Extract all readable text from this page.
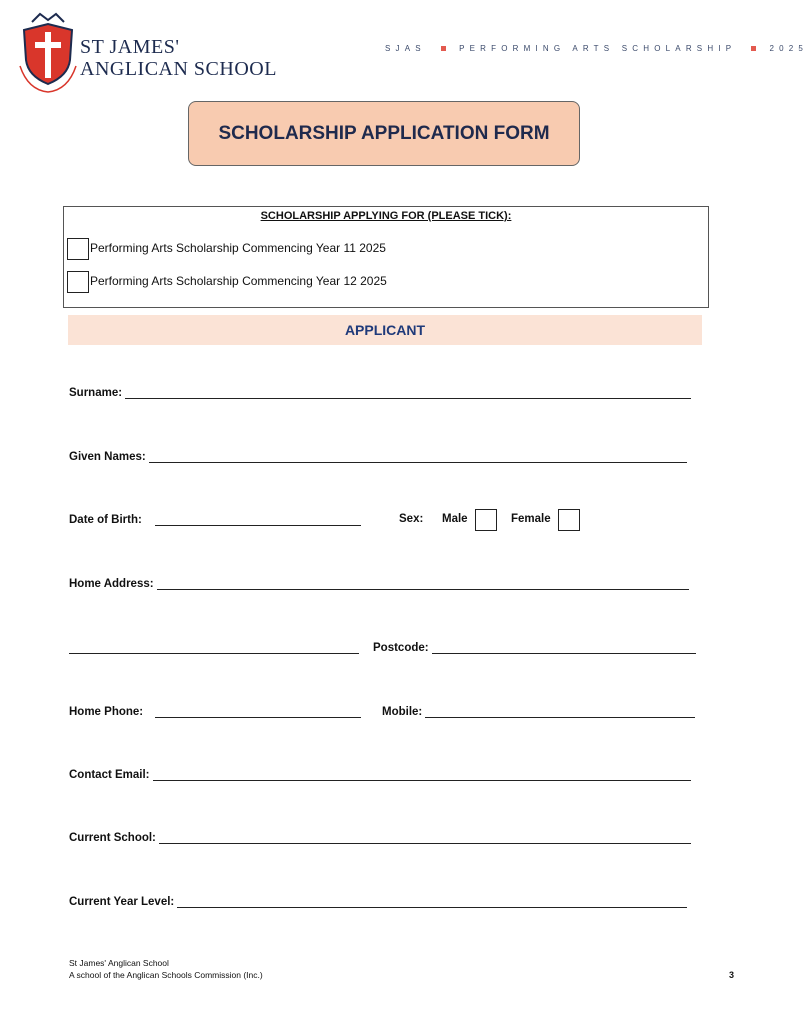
ST JAMES'
ANGLICAN SCHOOL
SJAS	PERFORMING ARTS SCHOLARSHIP	2025
SCHOLARSHIP APPLICATION FORM
SCHOLARSHIP APPLYING FOR (PLEASE TICK):
Performing Arts Scholarship Commencing Year 11 2025
Performing Arts Scholarship Commencing Year 12 2025
APPLICANT
Surname:
Given Names:
Date of Birth:	Sex: Male	Female
Home Address:
Postcode:
Home Phone:	Mobile:
Contact Email:
Current School:
Current Year Level:
St James' Anglican School
A school of the Anglican Schools Commission (Inc.)	3
